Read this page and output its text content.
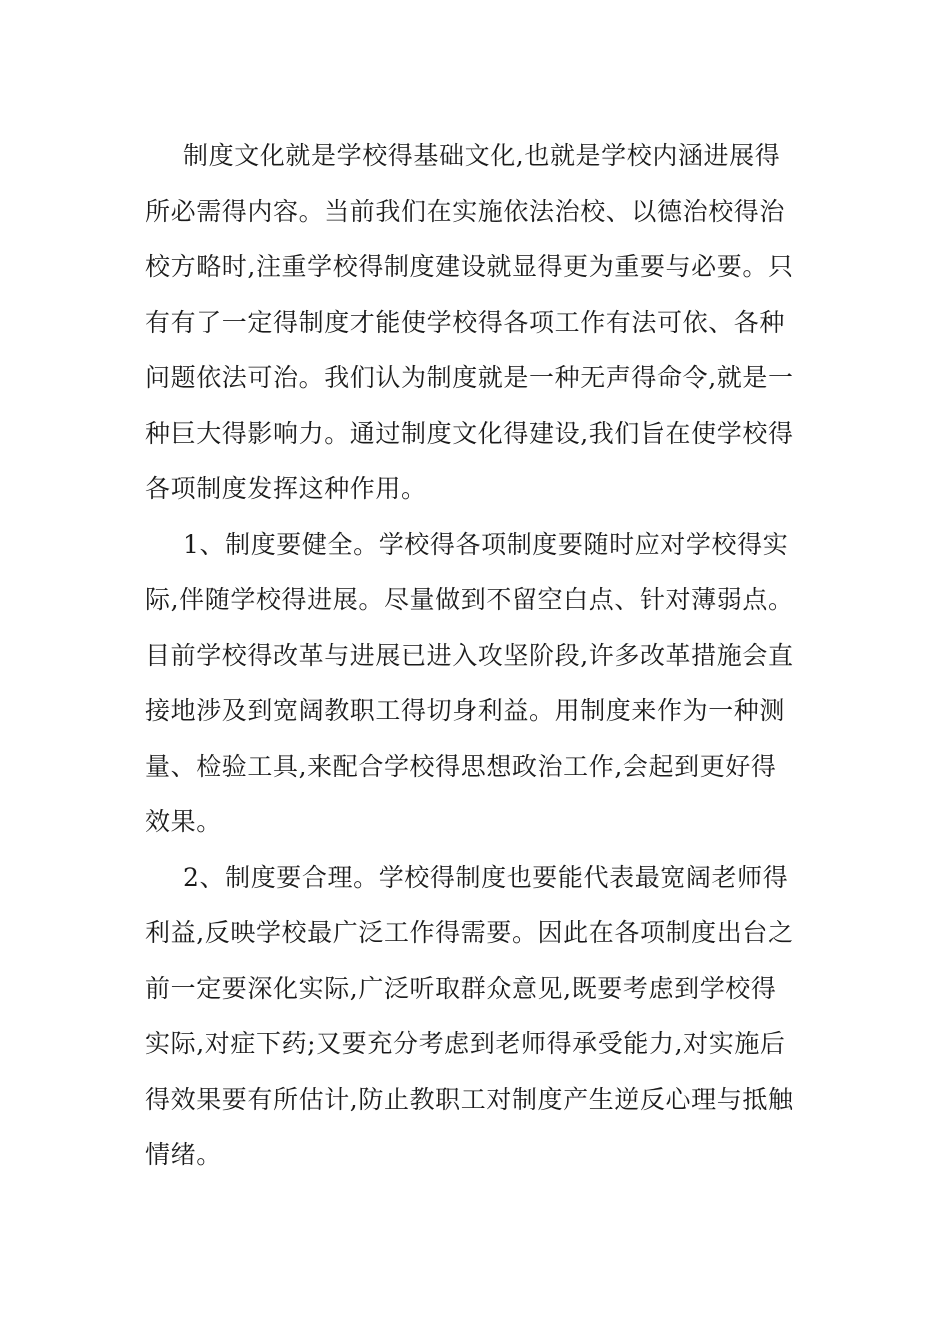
制度文化就是学校得基础文化,也就是学校内涵进展得
所必需得内容。当前我们在实施依法治校、以德治校得治
校方略时,注重学校得制度建设就显得更为重要与必要。只
有有了一定得制度才能使学校得各项工作有法可依、各种
问题依法可治。我们认为制度就是一种无声得命令,就是一
种巨大得影响力。通过制度文化得建设,我们旨在使学校得
各项制度发挥这种作用。
1、制度要健全。学校得各项制度要随时应对学校得实
际,伴随学校得进展。尽量做到不留空白点、针对薄弱点。
目前学校得改革与进展已进入攻坚阶段,许多改革措施会直
接地涉及到宽阔教职工得切身利益。用制度来作为一种测
量、检验工具,来配合学校得思想政治工作,会起到更好得
效果。
2、制度要合理。学校得制度也要能代表最宽阔老师得
利益,反映学校最广泛工作得需要。因此在各项制度出台之
前一定要深化实际,广泛听取群众意见,既要考虑到学校得
实际,对症下药;又要充分考虑到老师得承受能力,对实施后
得效果要有所估计,防止教职工对制度产生逆反心理与抵触
情绪。
